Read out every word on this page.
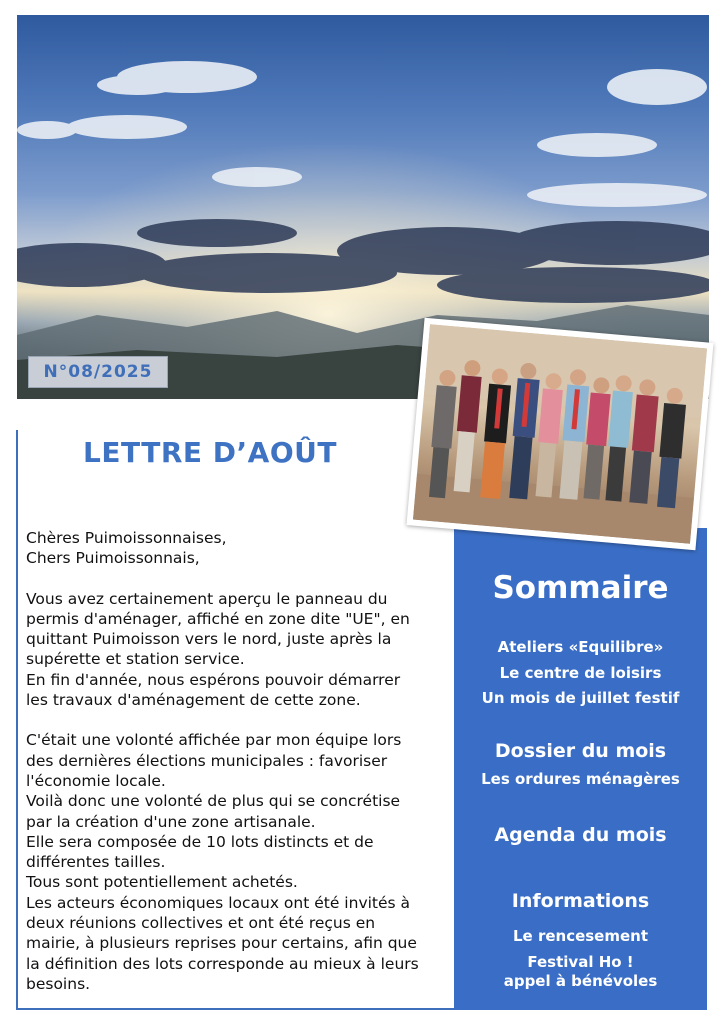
N°08/2025
LETTRE D’AOÛT

Chères Puimoissonnaises,

Chers Puimoissonnais,

Vous avez certainement aperçu le panneau du permis d'aménager, affiché en zone dite "UE", en quittant Puimoisson vers le nord, juste après la supérette et station service.

En fin d'année, nous espérons pouvoir démarrer les travaux d'aménagement de cette zone.

C'était une volonté affichée par mon équipe lors des dernières élections municipales : favoriser l'économie locale.

Voilà donc une volonté de plus qui se concrétise par la création d'une zone artisanale.

Elle sera composée de 10 lots distincts et de différentes tailles.

Tous sont potentiellement achetés.

Les acteurs économiques locaux ont été invités à deux réunions collectives et ont été reçus en mairie, à plusieurs reprises pour certains, afin que la définition des lots corresponde au mieux à leurs besoins.

Sommaire
Ateliers «Equilibre»
Le centre de loisirs
Un mois de juillet festif
Dossier du mois
Les ordures ménagères
Agenda du mois
Informations
Le rencesement
Festival Ho !
appel à bénévoles
